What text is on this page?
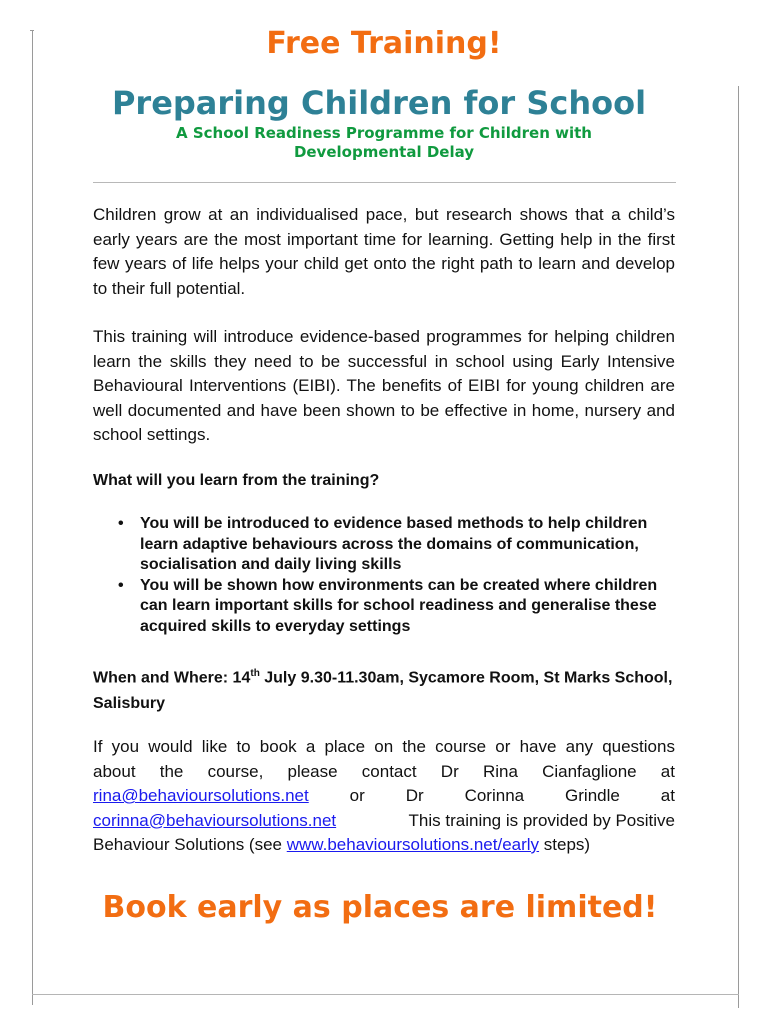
Free Training!
Preparing Children for School
A School Readiness Programme for Children with Developmental Delay

Children grow at an individualised pace, but research shows that a child’s early years are the most important time for learning. Getting help in the first few years of life helps your child get onto the right path to learn and develop to their full potential.

This training will introduce evidence-based programmes for helping children learn the skills they need to be successful in school using Early Intensive Behavioural Interventions (EIBI). The benefits of EIBI for young children are well documented and have been shown to be effective in home, nursery and school settings.

What will you learn from the training?

• You will be introduced to evidence based methods to help children learn adaptive behaviours across the domains of communication, socialisation and daily living skills
• You will be shown how environments can be created where children can learn important skills for school readiness and generalise these acquired skills to everyday settings

When and Where: 14th July 9.30-11.30am, Sycamore Room, St Marks School, Salisbury

If you would like to book a place on the course or have any questions
about the course, please contact Dr Rina Cianfaglione at
rina@behavioursolutions.net or Dr Corinna Grindle at
corinna@behavioursolutions.net	This training is provided by Positive
Behaviour Solutions (see www.behavioursolutions.net/early steps)
Book early as places are limited!
